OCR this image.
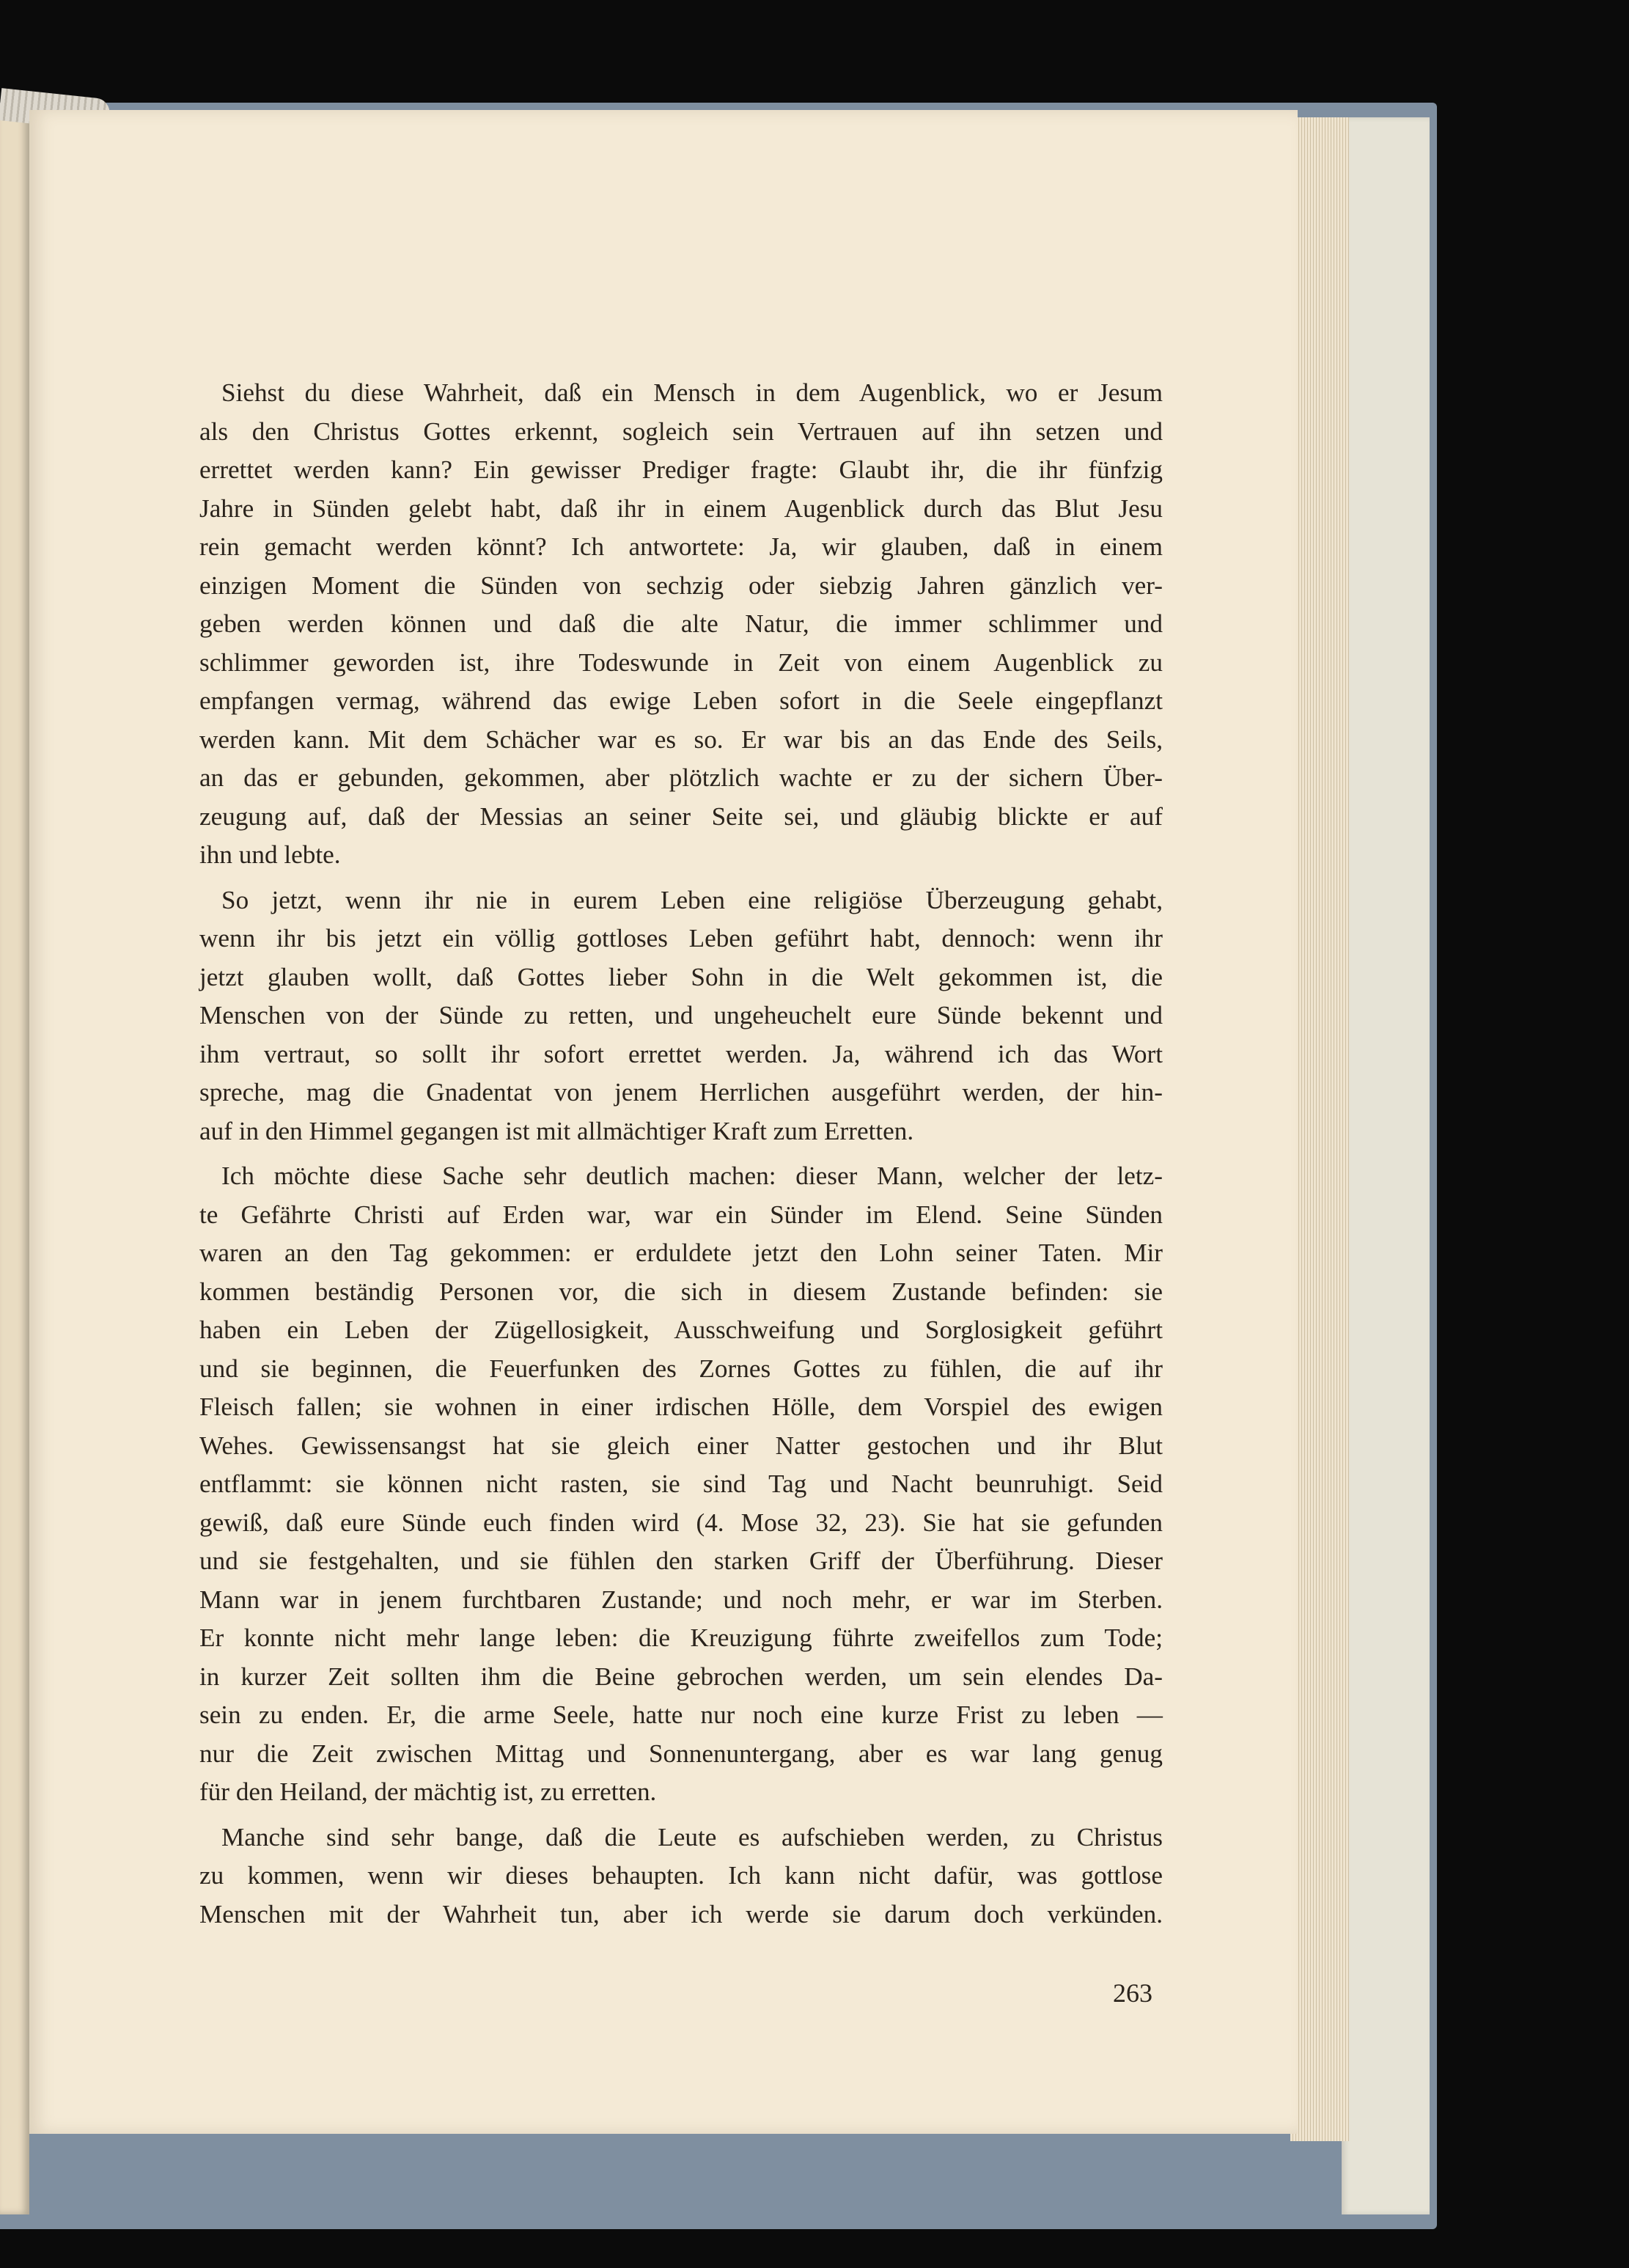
Siehst du diese Wahrheit, daß ein Mensch in dem Augenblick, wo er Jesum
als den Christus Gottes erkennt, sogleich sein Vertrauen auf ihn setzen und
errettet werden kann? Ein gewisser Prediger fragte: Glaubt ihr, die ihr fünfzig
Jahre in Sünden gelebt habt, daß ihr in einem Augenblick durch das Blut Jesu
rein gemacht werden könnt? Ich antwortete: Ja, wir glauben, daß in einem
einzigen Moment die Sünden von sechzig oder siebzig Jahren gänzlich ver-
geben werden können und daß die alte Natur, die immer schlimmer und
schlimmer geworden ist, ihre Todeswunde in Zeit von einem Augenblick zu
empfangen vermag, während das ewige Leben sofort in die Seele eingepflanzt
werden kann. Mit dem Schächer war es so. Er war bis an das Ende des Seils,
an das er gebunden, gekommen, aber plötzlich wachte er zu der sichern Über-
zeugung auf, daß der Messias an seiner Seite sei, und gläubig blickte er auf
ihn und lebte.

So jetzt, wenn ihr nie in eurem Leben eine religiöse Überzeugung gehabt,
wenn ihr bis jetzt ein völlig gottloses Leben geführt habt, dennoch: wenn ihr
jetzt glauben wollt, daß Gottes lieber Sohn in die Welt gekommen ist, die
Menschen von der Sünde zu retten, und ungeheuchelt eure Sünde bekennt und
ihm vertraut, so sollt ihr sofort errettet werden. Ja, während ich das Wort
spreche, mag die Gnadentat von jenem Herrlichen ausgeführt werden, der hin-
auf in den Himmel gegangen ist mit allmächtiger Kraft zum Erretten.

Ich möchte diese Sache sehr deutlich machen: dieser Mann, welcher der letz-
te Gefährte Christi auf Erden war, war ein Sünder im Elend. Seine Sünden
waren an den Tag gekommen: er erduldete jetzt den Lohn seiner Taten. Mir
kommen beständig Personen vor, die sich in diesem Zustande befinden: sie
haben ein Leben der Zügellosigkeit, Ausschweifung und Sorglosigkeit geführt
und sie beginnen, die Feuerfunken des Zornes Gottes zu fühlen, die auf ihr
Fleisch fallen; sie wohnen in einer irdischen Hölle, dem Vorspiel des ewigen
Wehes. Gewissensangst hat sie gleich einer Natter gestochen und ihr Blut
entflammt: sie können nicht rasten, sie sind Tag und Nacht beunruhigt. Seid
gewiß, daß eure Sünde euch finden wird (4. Mose 32, 23). Sie hat sie gefunden
und sie festgehalten, und sie fühlen den starken Griff der Überführung. Dieser
Mann war in jenem furchtbaren Zustande; und noch mehr, er war im Sterben.
Er konnte nicht mehr lange leben: die Kreuzigung führte zweifellos zum Tode;
in kurzer Zeit sollten ihm die Beine gebrochen werden, um sein elendes Da-
sein zu enden. Er, die arme Seele, hatte nur noch eine kurze Frist zu leben —
nur die Zeit zwischen Mittag und Sonnenuntergang, aber es war lang genug
für den Heiland, der mächtig ist, zu erretten.

Manche sind sehr bange, daß die Leute es aufschieben werden, zu Christus
zu kommen, wenn wir dieses behaupten. Ich kann nicht dafür, was gottlose
Menschen mit der Wahrheit tun, aber ich werde sie darum doch verkünden.

263
